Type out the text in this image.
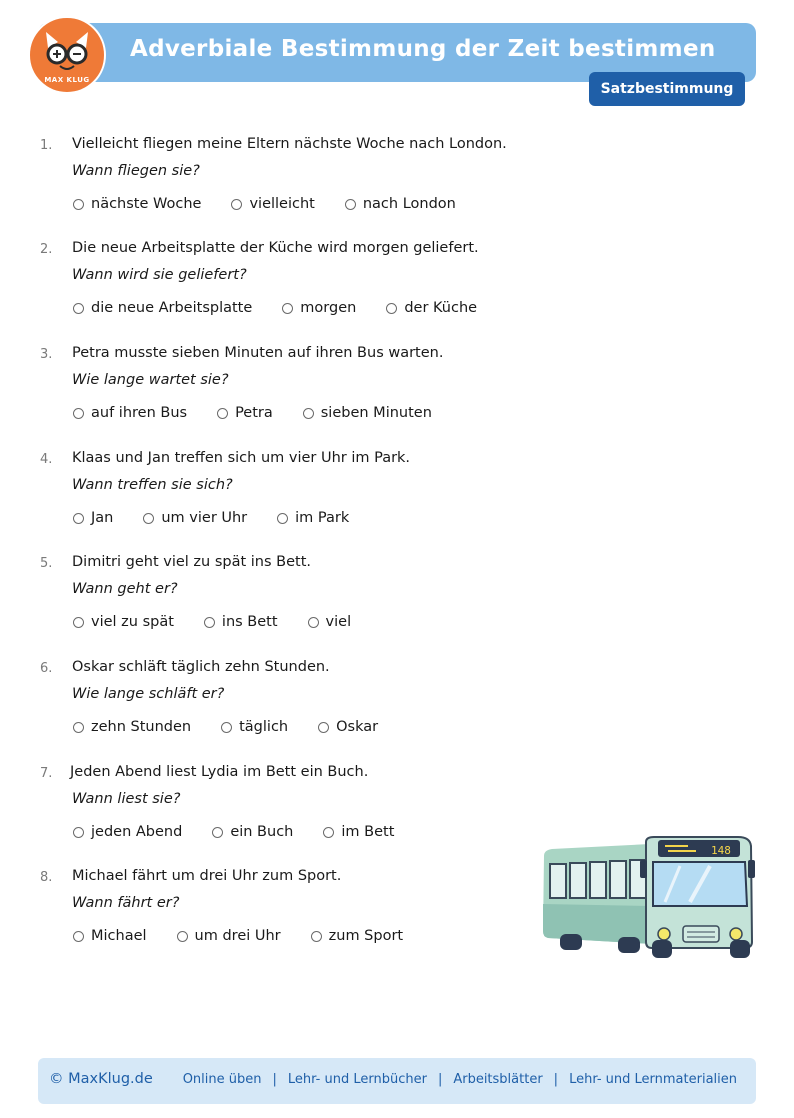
Adverbiale Bestimmung der Zeit bestimmen
MAX KLUG
Satzbestimmung
1. Vielleicht fliegen meine Eltern nächste Woche nach London.
Wann fliegen sie?
nächste Woche	vielleicht	nach London
2. Die neue Arbeitsplatte der Küche wird morgen geliefert.
Wann wird sie geliefert?
die neue Arbeitsplatte	morgen	der Küche
3. Petra musste sieben Minuten auf ihren Bus warten.
Wie lange wartet sie?
auf ihren Bus	Petra	sieben Minuten
4. Klaas und Jan treffen sich um vier Uhr im Park.
Wann treffen sie sich?
Jan	um vier Uhr	im Park
5. Dimitri geht viel zu spät ins Bett.
Wann geht er?
viel zu spät	ins Bett	viel
6. Oskar schläft täglich zehn Stunden.
Wie lange schläft er?
zehn Stunden	täglich	Oskar
7. Jeden Abend liest Lydia im Bett ein Buch.
Wann liest sie?
jeden Abend	ein Buch	im Bett
8. Michael fährt um drei Uhr zum Sport.
Wann fährt er?
Michael	um drei Uhr	zum Sport
148
© MaxKlug.de Online üben | Lehr- und Lernbücher | Arbeitsblätter | Lehr- und Lernmaterialien
